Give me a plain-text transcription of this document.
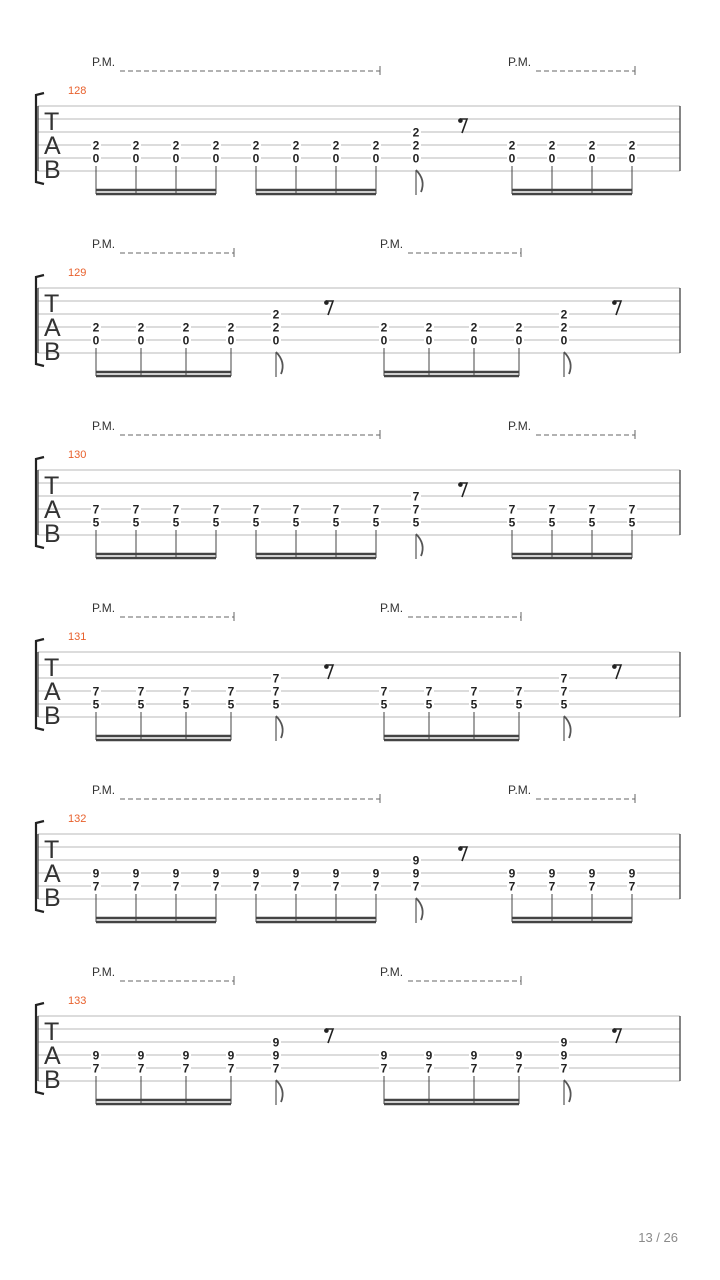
P.M.	P.M.
128
T
A
B
2
0
2
0
2
0
2
0
2
0
2
0
2
0
2
0
2
0
2
0
2
0
2
0
2
2
0
P.M.	P.M.
129
T
A
B
2
0
2
0
2
0
2
0
2
0
2
0
2
0
2
0
2
2
0
2
2
0
P.M.	P.M.
130
T
A
B
7
5
7
5
7
5
7
5
7
5
7
5
7
5
7
5
7
5
7
5
7
5
7
5
7
7
5
P.M.	P.M.
131
T
A
B
7
5
7
5
7
5
7
5
7
5
7
5
7
5
7
5
7
7
5
7
7
5
P.M.	P.M.
132
T
A
B
9
7
9
7
9
7
9
7
9
7
9
7
9
7
9
7
9
7
9
7
9
7
9
7
9
9
7
P.M.	P.M.
133
T
A
B
9
7
9
7
9
7
9
7
9
7
9
7
9
7
9
7
9
9
7
9
9
7
13 / 26
